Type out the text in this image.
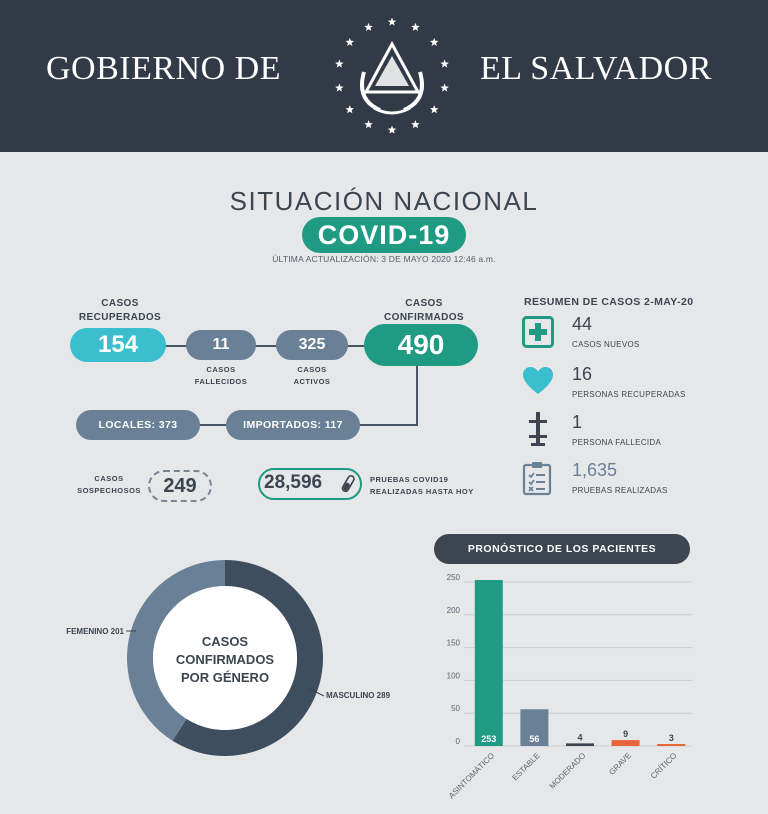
GOBIERNO DE	EL SALVADOR
SITUACIÓN NACIONAL
COVID-19
ÚLTIMA ACTUALIZACIÓN: 3 DE MAYO 2020 12:46 a.m.
CASOS RECUPERADOS
154	11
CASOS FALLECIDOS
325
CASOS ACTIVOS
CASOS CONFIRMADOS
490
LOCALES: 373	IMPORTADOS: 117
CASOS SOSPECHOSOS	249	28,596	PRUEBAS COVID19 REALIZADAS HASTA HOY
RESUMEN DE CASOS 2-MAY-20
44
CASOS NUEVOS
16
PERSONAS RECUPERADAS
1
PERSONA FALLECIDA
1,635
PRUEBAS REALIZADAS
CASOS CONFIRMADOS POR GÉNERO
FEMENINO 201
MASCULINO 289
PRONÓSTICO DE LOS PACIENTES
0
50
100
150
200
250
253
ASINTOMÁTICO
56
ESTABLE
4
MODERADO
9
GRAVE
3
CRÍTICO
